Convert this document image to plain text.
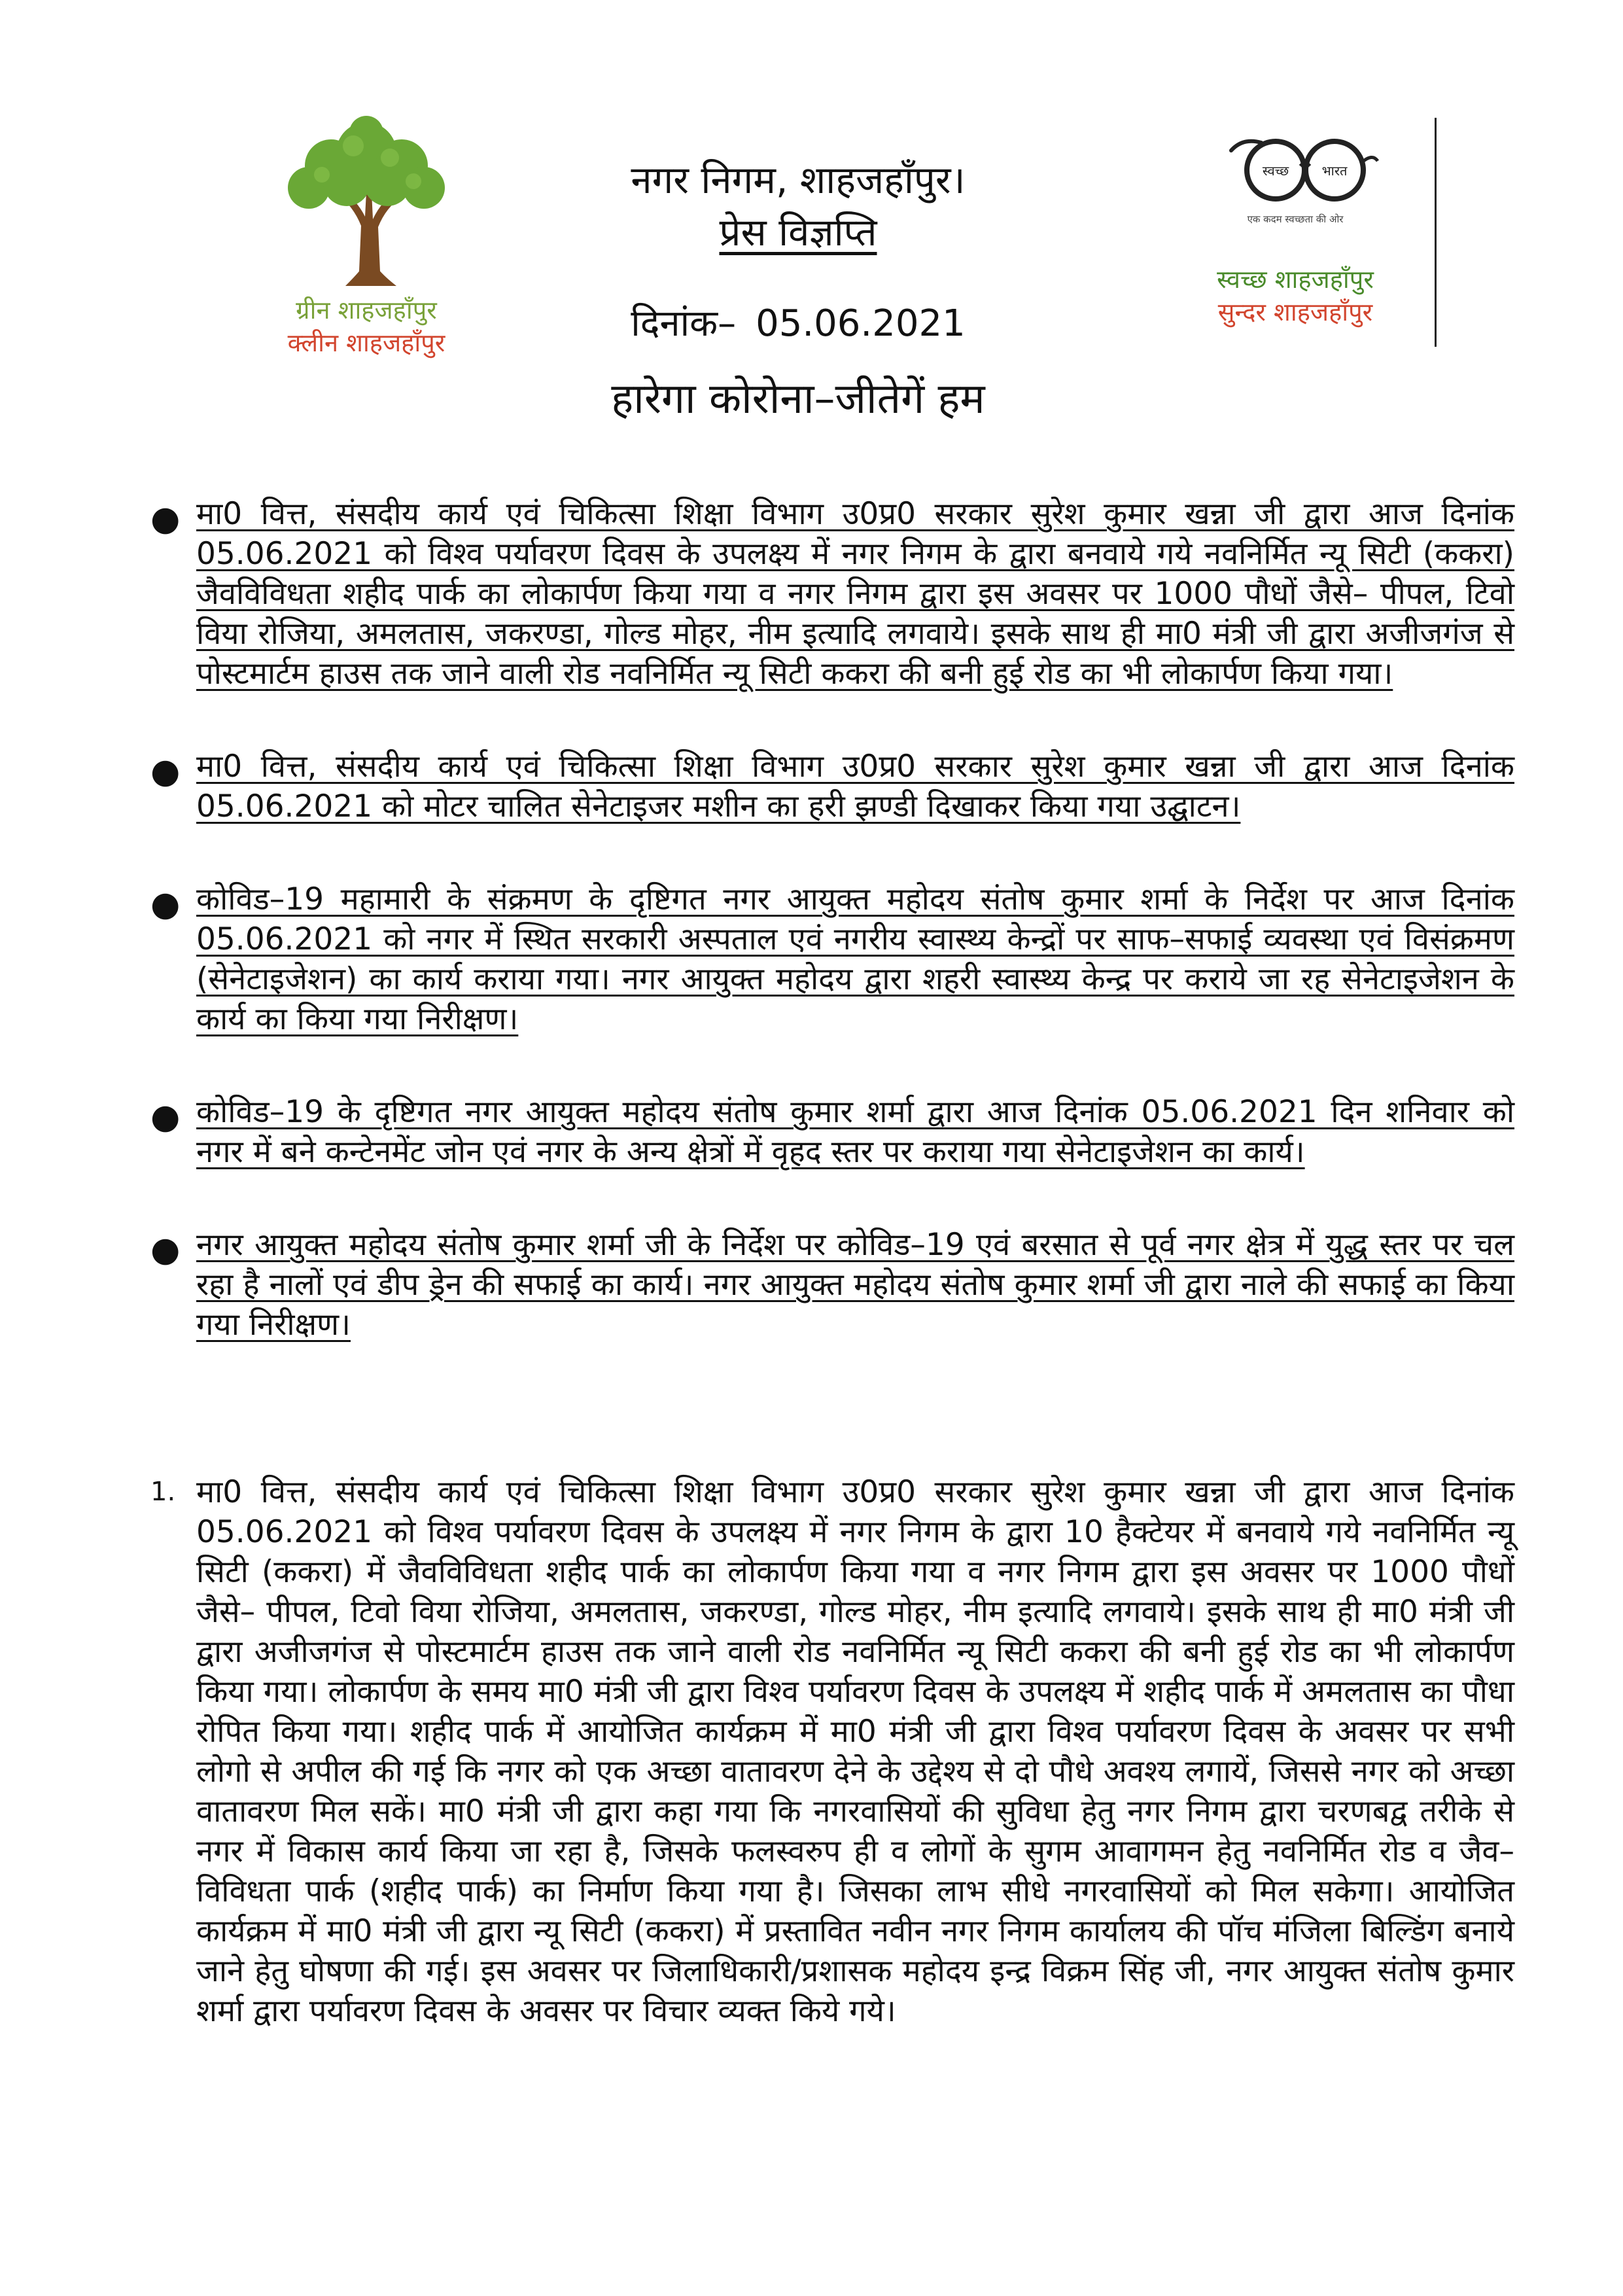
ग्रीन शाहजहाँपुर
क्लीन शाहजहाँपुर
नगर निगम, शाहजहाँपुर।
प्रेस विज्ञप्ति
दिनांक– 05.06.2021
हारेगा कोरोना–जीतेगें हम
स्वच्छ	भारत
एक कदम स्वच्छता की ओर
स्वच्छ शाहजहाँपुर
सुन्दर शाहजहाँपुर
● मा0 वित्त, संसदीय कार्य एवं चिकित्सा शिक्षा विभाग उ0प्र0 सरकार सुरेश कुमार खन्ना जी द्वारा आज दिनांक 05.06.2021 को विश्व पर्यावरण दिवस के उपलक्ष्य में नगर निगम के द्वारा बनवाये गये नवनिर्मित न्यू सिटी (ककरा) जैवविविधता शहीद पार्क का लोकार्पण किया गया व नगर निगम द्वारा इस अवसर पर 1000 पौधों जैसे– पीपल, टिवो विया रोजिया, अमलतास, जकरण्डा, गोल्ड मोहर, नीम इत्यादि लगवाये। इसके साथ ही मा0 मंत्री जी द्वारा अजीजगंज से पोस्टमार्टम हाउस तक जाने वाली रोड नवनिर्मित न्यू सिटी ककरा की बनी हुई रोड का भी लोकार्पण किया गया।
● मा0 वित्त, संसदीय कार्य एवं चिकित्सा शिक्षा विभाग उ0प्र0 सरकार सुरेश कुमार खन्ना जी द्वारा आज दिनांक 05.06.2021 को मोटर चालित सेनेटाइजर मशीन का हरी झण्डी दिखाकर किया गया उद्घाटन।
● कोविड–19 महामारी के संक्रमण के दृष्टिगत नगर आयुक्त महोदय संतोष कुमार शर्मा के निर्देश पर आज दिनांक 05.06.2021 को नगर में स्थित सरकारी अस्पताल एवं नगरीय स्वास्थ्य केन्द्रों पर साफ–सफाई व्यवस्था एवं विसंक्रमण (सेनेटाइजेशन) का कार्य कराया गया। नगर आयुक्त महोदय द्वारा शहरी स्वास्थ्य केन्द्र पर कराये जा रह सेनेटाइजेशन के कार्य का किया गया निरीक्षण।
● कोविड–19 के दृष्टिगत नगर आयुक्त महोदय संतोष कुमार शर्मा द्वारा आज दिनांक 05.06.2021 दिन शनिवार को नगर में बने कन्टेनमेंट जोन एवं नगर के अन्य क्षेत्रों में वृहद स्तर पर कराया गया सेनेटाइजेशन का कार्य।
● नगर आयुक्त महोदय संतोष कुमार शर्मा जी के निर्देश पर कोविड–19 एवं बरसात से पूर्व नगर क्षेत्र में युद्ध स्तर पर चल रहा है नालों एवं डीप ड्रेन की सफाई का कार्य। नगर आयुक्त महोदय संतोष कुमार शर्मा जी द्वारा नाले की सफाई का किया गया निरीक्षण।
1. मा0 वित्त, संसदीय कार्य एवं चिकित्सा शिक्षा विभाग उ0प्र0 सरकार सुरेश कुमार खन्ना जी द्वारा आज दिनांक 05.06.2021 को विश्व पर्यावरण दिवस के उपलक्ष्य में नगर निगम के द्वारा 10 हैक्टेयर में बनवाये गये नवनिर्मित न्यू सिटी (ककरा) में जैवविविधता शहीद पार्क का लोकार्पण किया गया व नगर निगम द्वारा इस अवसर पर 1000 पौधों जैसे– पीपल, टिवो विया रोजिया, अमलतास, जकरण्डा, गोल्ड मोहर, नीम इत्यादि लगवाये। इसके साथ ही मा0 मंत्री जी द्वारा अजीजगंज से पोस्टमार्टम हाउस तक जाने वाली रोड नवनिर्मित न्यू सिटी ककरा की बनी हुई रोड का भी लोकार्पण किया गया। लोकार्पण के समय मा0 मंत्री जी द्वारा विश्व पर्यावरण दिवस के उपलक्ष्य में शहीद पार्क में अमलतास का पौधा रोपित किया गया। शहीद पार्क में आयोजित कार्यक्रम में मा0 मंत्री जी द्वारा विश्व पर्यावरण दिवस के अवसर पर सभी लोगो से अपील की गई कि नगर को एक अच्छा वातावरण देने के उद्देश्य से दो पौधे अवश्य लगायें, जिससे नगर को अच्छा वातावरण मिल सकें। मा0 मंत्री जी द्वारा कहा गया कि नगरवासियों की सुविधा हेतु नगर निगम द्वारा चरणबद्व तरीके से नगर में विकास कार्य किया जा रहा है, जिसके फलस्वरुप ही व लोगों के सुगम आवागमन हेतु नवनिर्मित रोड व जैव–विविधता पार्क (शहीद पार्क) का निर्माण किया गया है। जिसका लाभ सीधे नगरवासियों को मिल सकेगा। आयोजित कार्यक्रम में मा0 मंत्री जी द्वारा न्यू सिटी (ककरा) में प्रस्तावित नवीन नगर निगम कार्यालय की पॉच मंजिला बिल्डिंग बनाये जाने हेतु घोषणा की गई। इस अवसर पर जिलाधिकारी/प्रशासक महोदय इन्द्र विक्रम सिंह जी, नगर आयुक्त संतोष कुमार शर्मा द्वारा पर्यावरण दिवस के अवसर पर विचार व्यक्त किये गये।
